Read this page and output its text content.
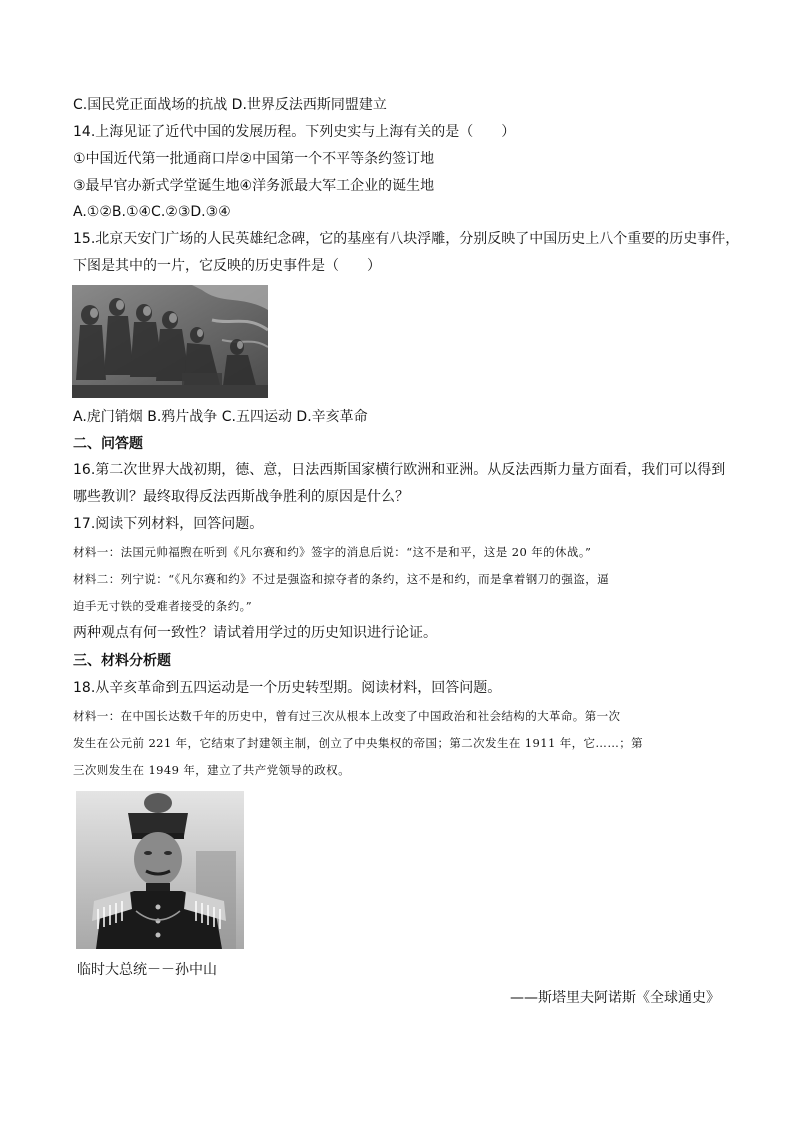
C.国民党正面战场的抗战 D.世界反法西斯同盟建立
14.上海见证了近代中国的发展历程。下列史实与上海有关的是（　　）
①中国近代第一批通商口岸②中国第一个不平等条约签订地
③最早官办新式学堂诞生地④洋务派最大军工企业的诞生地
A.①②B.①④C.②③D.③④
15.北京天安门广场的人民英雄纪念碑，它的基座有八块浮雕，分别反映了中国历史上八个重要的历史事件，
下图是其中的一片，它反映的历史事件是（　　）
A.虎门销烟 B.鸦片战争 C.五四运动 D.辛亥革命
二、问答题
16.第二次世界大战初期，德、意，日法西斯国家横行欧洲和亚洲。从反法西斯力量方面看，我们可以得到
哪些教训？最终取得反法西斯战争胜利的原因是什么？
17.阅读下列材料，回答问题。
材料一：法国元帅福煦在听到《凡尔赛和约》签字的消息后说：“这不是和平，这是 20 年的休战。”
材料二：列宁说：“《凡尔赛和约》不过是强盗和掠夺者的条约，这不是和约，而是拿着钢刀的强盗，逼
迫手无寸铁的受难者接受的条约。”
两种观点有何一致性？请试着用学过的历史知识进行论证。
三、材料分析题
18.从辛亥革命到五四运动是一个历史转型期。阅读材料，回答问题。
材料一：在中国长达数千年的历史中，曾有过三次从根本上改变了中国政治和社会结构的大革命。第一次
发生在公元前 221 年，它结束了封建领主制，创立了中央集权的帝国；第二次发生在 1911 年，它……；第
三次则发生在 1949 年，建立了共产党领导的政权。
临时大总统－－孙中山
——斯塔里夫阿诺斯《全球通史》
